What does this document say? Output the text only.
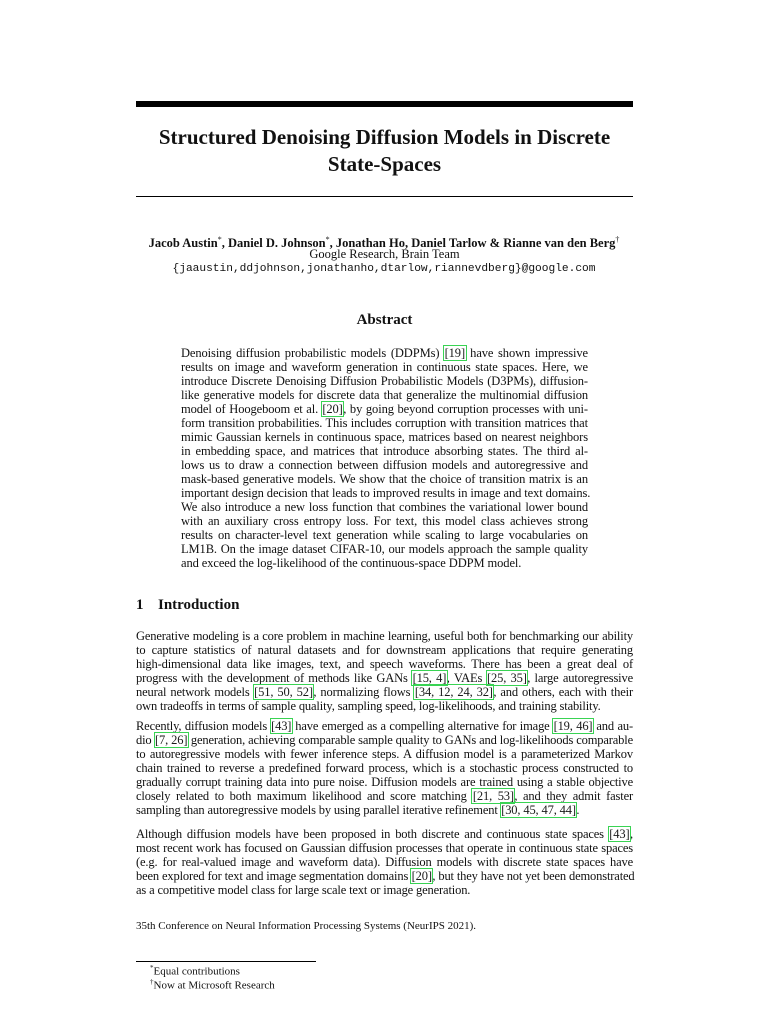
Structured Denoising Diffusion Models in Discrete
State-Spaces
Jacob Austin*, Daniel D. Johnson*, Jonathan Ho, Daniel Tarlow & Rianne van den Berg†
Google Research, Brain Team
{jaaustin,ddjohnson,jonathanho,dtarlow,riannevdberg}@google.com
Abstract
Denoising diffusion probabilistic models (DDPMs) [19] have shown impressive
results on image and waveform generation in continuous state spaces. Here, we
introduce Discrete Denoising Diffusion Probabilistic Models (D3PMs), diffusion-
like generative models for discrete data that generalize the multinomial diffusion
model of Hoogeboom et al. [20], by going beyond corruption processes with uni-
form transition probabilities. This includes corruption with transition matrices that
mimic Gaussian kernels in continuous space, matrices based on nearest neighbors
in embedding space, and matrices that introduce absorbing states. The third al-
lows us to draw a connection between diffusion models and autoregressive and
mask-based generative models. We show that the choice of transition matrix is an
important design decision that leads to improved results in image and text domains.
We also introduce a new loss function that combines the variational lower bound
with an auxiliary cross entropy loss. For text, this model class achieves strong
results on character-level text generation while scaling to large vocabularies on
LM1B. On the image dataset CIFAR-10, our models approach the sample quality
and exceed the log-likelihood of the continuous-space DDPM model.
1 Introduction
Generative modeling is a core problem in machine learning, useful both for benchmarking our ability
to capture statistics of natural datasets and for downstream applications that require generating
high-dimensional data like images, text, and speech waveforms. There has been a great deal of
progress with the development of methods like GANs [15, 4], VAEs [25, 35], large autoregressive
neural network models [51, 50, 52], normalizing flows [34, 12, 24, 32], and others, each with their
own tradeoffs in terms of sample quality, sampling speed, log-likelihoods, and training stability.
Recently, diffusion models [43] have emerged as a compelling alternative for image [19, 46] and au-
dio [7, 26] generation, achieving comparable sample quality to GANs and log-likelihoods comparable
to autoregressive models with fewer inference steps. A diffusion model is a parameterized Markov
chain trained to reverse a predefined forward process, which is a stochastic process constructed to
gradually corrupt training data into pure noise. Diffusion models are trained using a stable objective
closely related to both maximum likelihood and score matching [21, 53], and they admit faster
sampling than autoregressive models by using parallel iterative refinement [30, 45, 47, 44].
Although diffusion models have been proposed in both discrete and continuous state spaces [43],
most recent work has focused on Gaussian diffusion processes that operate in continuous state spaces
(e.g. for real-valued image and waveform data). Diffusion models with discrete state spaces have
been explored for text and image segmentation domains [20], but they have not yet been demonstrated
as a competitive model class for large scale text or image generation.
35th Conference on Neural Information Processing Systems (NeurIPS 2021).
*Equal contributions
†Now at Microsoft Research
